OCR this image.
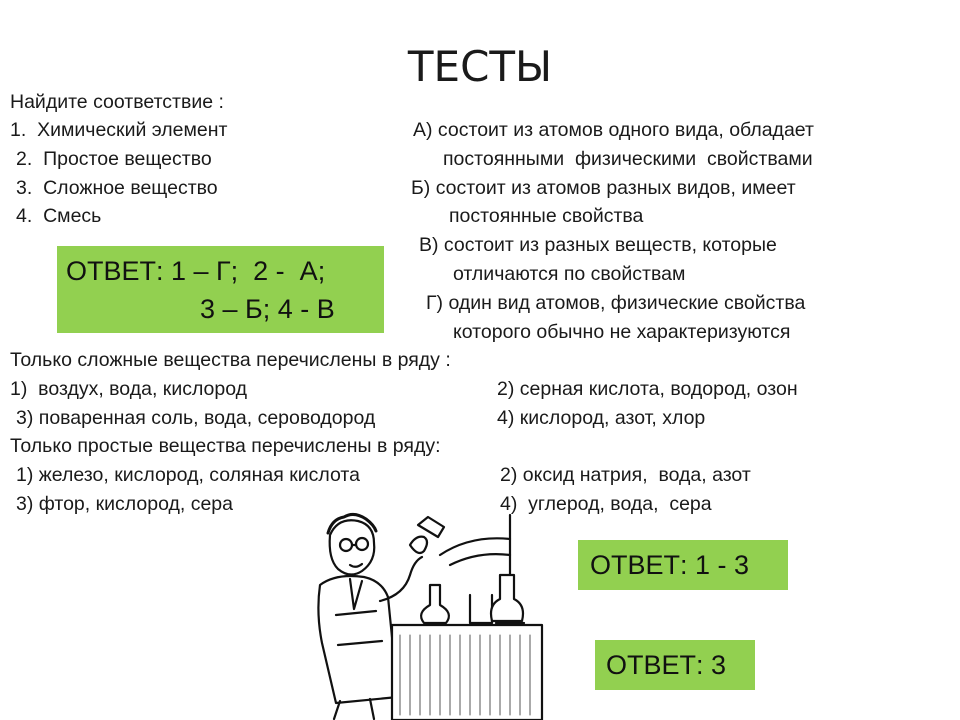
ТЕСТЫ
Найдите соответствие :
1.  Химический элемент
2.  Простое вещество
3.  Сложное вещество
4.  Смесь
А) состоит из атомов одного вида, обладает
постоянными  физическими  свойствами
Б) состоит из атомов разных видов, имеет
постоянные свойства
В) состоит из разных веществ, которые
отличаются по свойствам
Г) один вид атомов, физические свойства
которого обычно не характеризуются
ОТВЕТ: 1 – Г;  2 -  А;
3 – Б; 4 - В
Только сложные вещества перечислены в ряду :
1)  воздух, вода, кислород	2) серная кислота, водород, озон
3) поваренная соль, вода, сероводород	4) кислород, азот, хлор
Только простые вещества перечислены в ряду:
1) железо, кислород, соляная кислота	2) оксид натрия,  вода, азот
3) фтор, кислород, сера	4)  углерод, вода,  сера
ОТВЕТ: 1 - 3
ОТВЕТ: 3
